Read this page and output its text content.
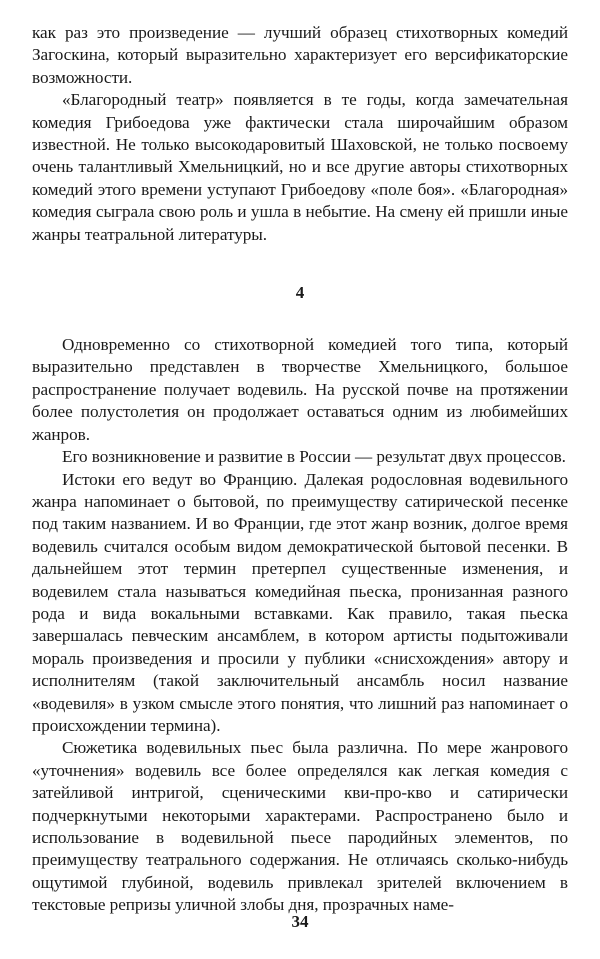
как раз это произведение — лучший образец стихотворных комедий Загоскина, который выразительно характеризует его версификаторские возможности.

«Благородный театр» появляется в те годы, когда замечательная комедия Грибоедова уже фактически стала широчайшим образом известной. Не только высокодаровитый Шаховской, не только посвоему очень талантливый Хмельницкий, но и все другие авторы стихотворных комедий этого времени уступают Грибоедову «поле боя». «Благородная» комедия сыграла свою роль и ушла в небытие. На смену ей пришли иные жанры театральной литературы.

4

Одновременно со стихотворной комедией того типа, который выразительно представлен в творчестве Хмельницкого, большое распространение получает водевиль. На русской почве на протяжении более полустолетия он продолжает оставаться одним из любимейших жанров.

Его возникновение и развитие в России — результат двух процессов.

Истоки его ведут во Францию. Далекая родословная водевильного жанра напоминает о бытовой, по преимуществу сатирической песенке под таким названием. И во Франции, где этот жанр возник, долгое время водевиль считался особым видом демократической бытовой песенки. В дальнейшем этот термин претерпел существенные изменения, и водевилем стала называться комедийная пьеска, пронизанная разного рода и вида вокальными вставками. Как правило, такая пьеска завершалась певческим ансамблем, в котором артисты подытоживали мораль произведения и просили у публики «снисхождения» автору и исполнителям (такой заключительный ансамбль носил название «водевиля» в узком смысле этого понятия, что лишний раз напоминает о происхождении термина).

Сюжетика водевильных пьес была различна. По мере жанрового «уточнения» водевиль все более определялся как легкая комедия с затейливой интригой, сценическими кви-про-кво и сатирически подчеркнутыми некоторыми характерами. Распространено было и использование в водевильной пьесе пародийных элементов, по преимуществу театрального содержания. Не отличаясь сколько-нибудь ощутимой глубиной, водевиль привлекал зрителей включением в текстовые репризы уличной злобы дня, прозрачных наме-

34
